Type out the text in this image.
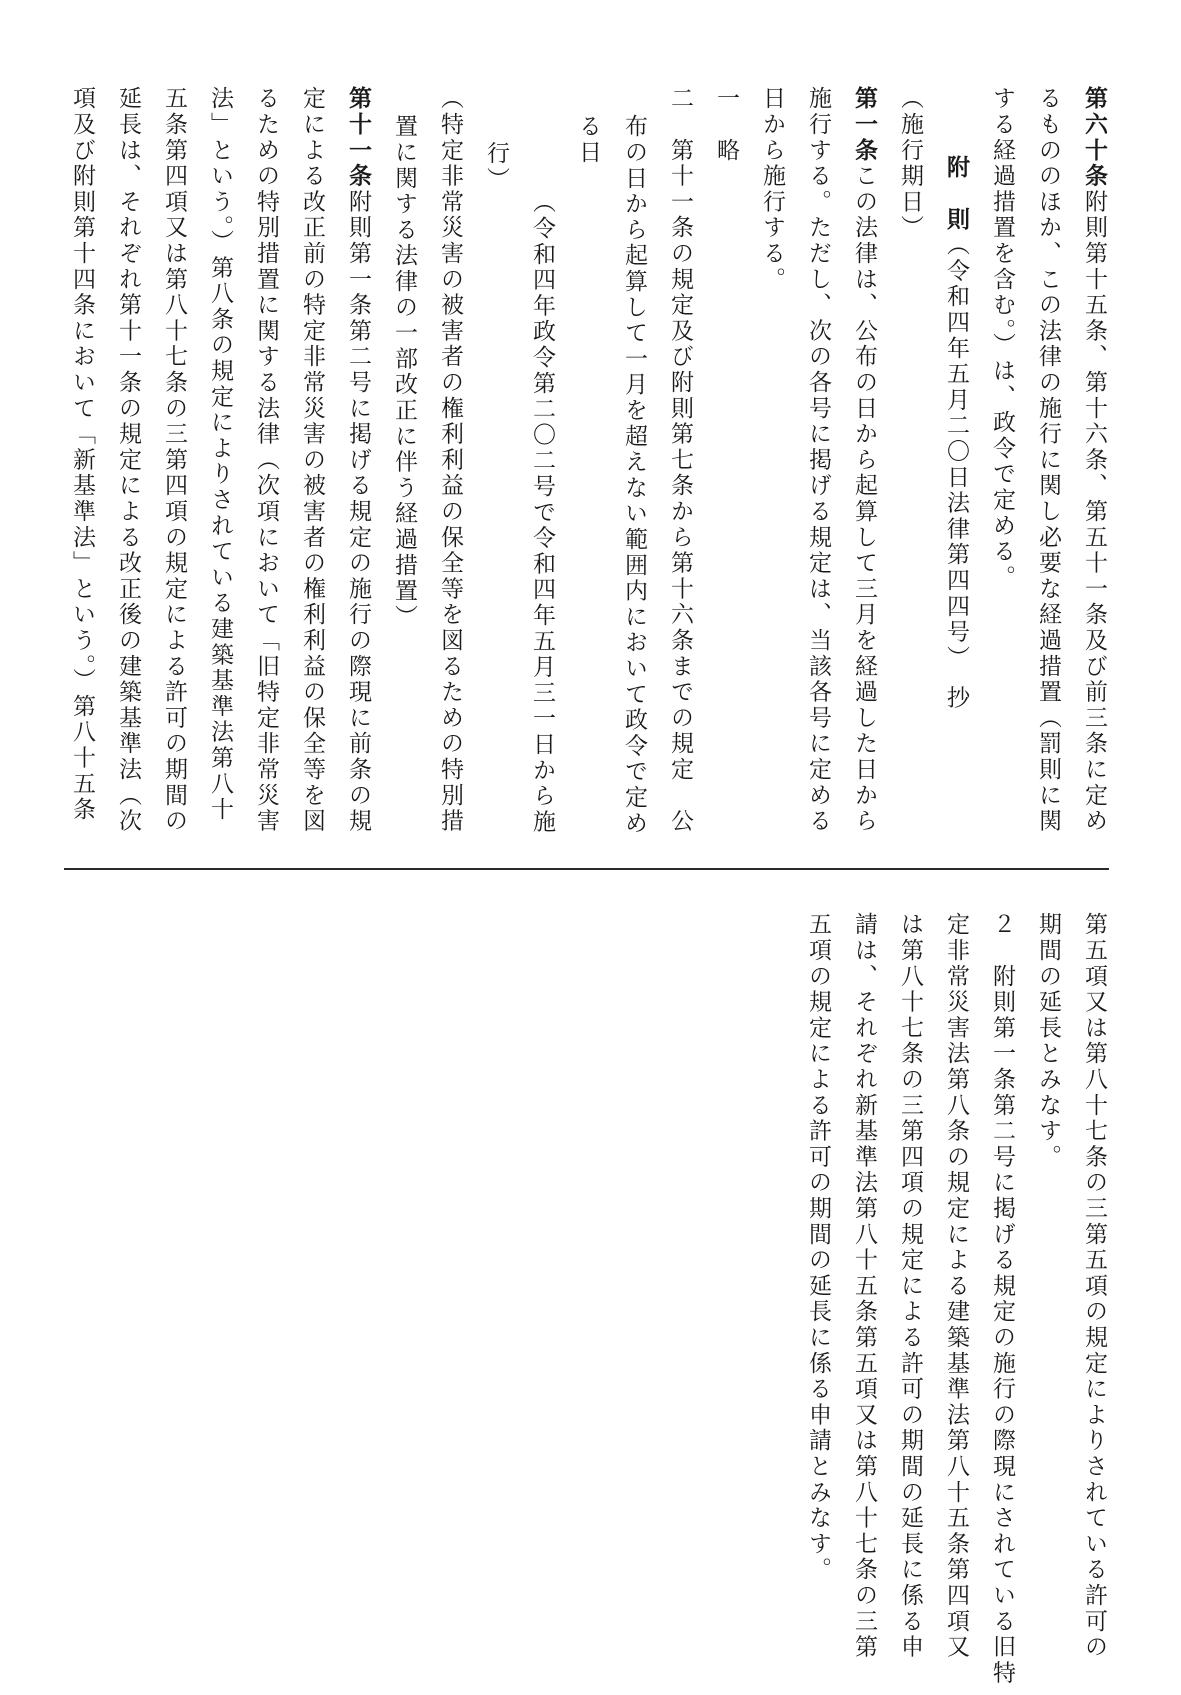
第六十条附則第十五条、第十六条、第五十一条及び前三条に定め

るもののほか、この法律の施行に関し必要な経過措置（罰則に関

する経過措置を含む。）は、政令で定める。

附　則（令和四年五月二〇日法律第四四号）　抄

（施行期日）

第一条この法律は、公布の日から起算して三月を経過した日から

施行する。ただし、次の各号に掲げる規定は、当該各号に定める

日から施行する。

一　略

二　第十一条の規定及び附則第七条から第十六条までの規定　公

布の日から起算して一月を超えない範囲内において政令で定め

る日

（令和四年政令第二〇二号で令和四年五月三一日から施

行）

（特定非常災害の被害者の権利利益の保全等を図るための特別措

置に関する法律の一部改正に伴う経過措置）

第十一条附則第一条第二号に掲げる規定の施行の際現に前条の規

定による改正前の特定非常災害の被害者の権利利益の保全等を図

るための特別措置に関する法律（次項において「旧特定非常災害

法」という。）第八条の規定によりされている建築基準法第八十

五条第四項又は第八十七条の三第四項の規定による許可の期間の

延長は、それぞれ第十一条の規定による改正後の建築基準法（次

項及び附則第十四条において「新基準法」という。）第八十五条

第五項又は第八十七条の三第五項の規定によりされている許可の

期間の延長とみなす。

２　附則第一条第二号に掲げる規定の施行の際現にされている旧特

定非常災害法第八条の規定による建築基準法第八十五条第四項又

は第八十七条の三第四項の規定による許可の期間の延長に係る申

請は、それぞれ新基準法第八十五条第五項又は第八十七条の三第

五項の規定による許可の期間の延長に係る申請とみなす。
